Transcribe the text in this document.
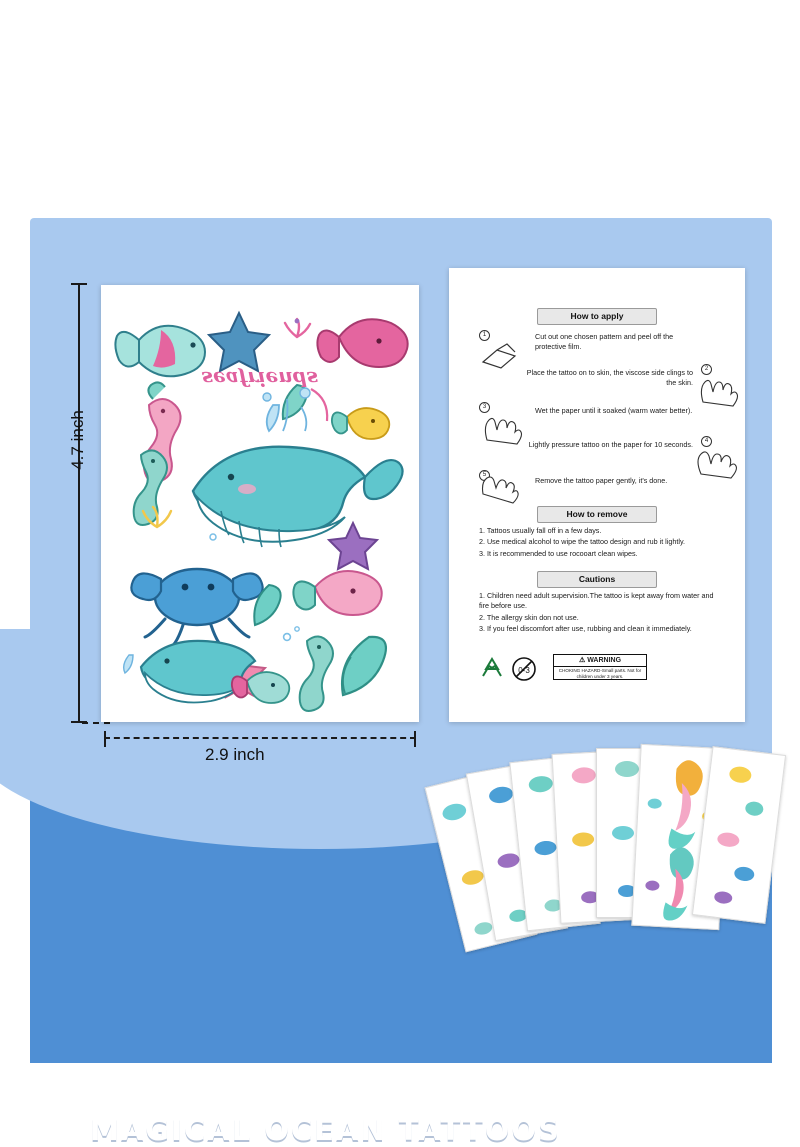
MAGICAL OCEAN TATTOOS
4.7 inch
2.9 inch
seafriends
How to apply
1	Cut out one chosen pattern and peel off the protective film.
2
Place the tattoo on to skin, the viscose side clings to the skin.
3	Wet the paper until it soaked (warm water better).
4
Lightly pressure tattoo on the paper for 10 seconds.
5
Remove the tattoo paper gently, it's done.
How to remove
1. Tattoos usually fall off in a few days.
2. Use medical alcohol to wipe the tattoo design and rub it lightly.
3. It is recommended to use rocooart clean wipes.
Cautions
1. Children need adult supervision.The tattoo is kept away from water and fire before use.
2. The allergy skin don not use.
3. If you feel discomfort after use, rubbing and clean it immediately.
0-3
⚠ WARNING
CHOKING HAZARD-Small parts. Not for children under 3 years.
